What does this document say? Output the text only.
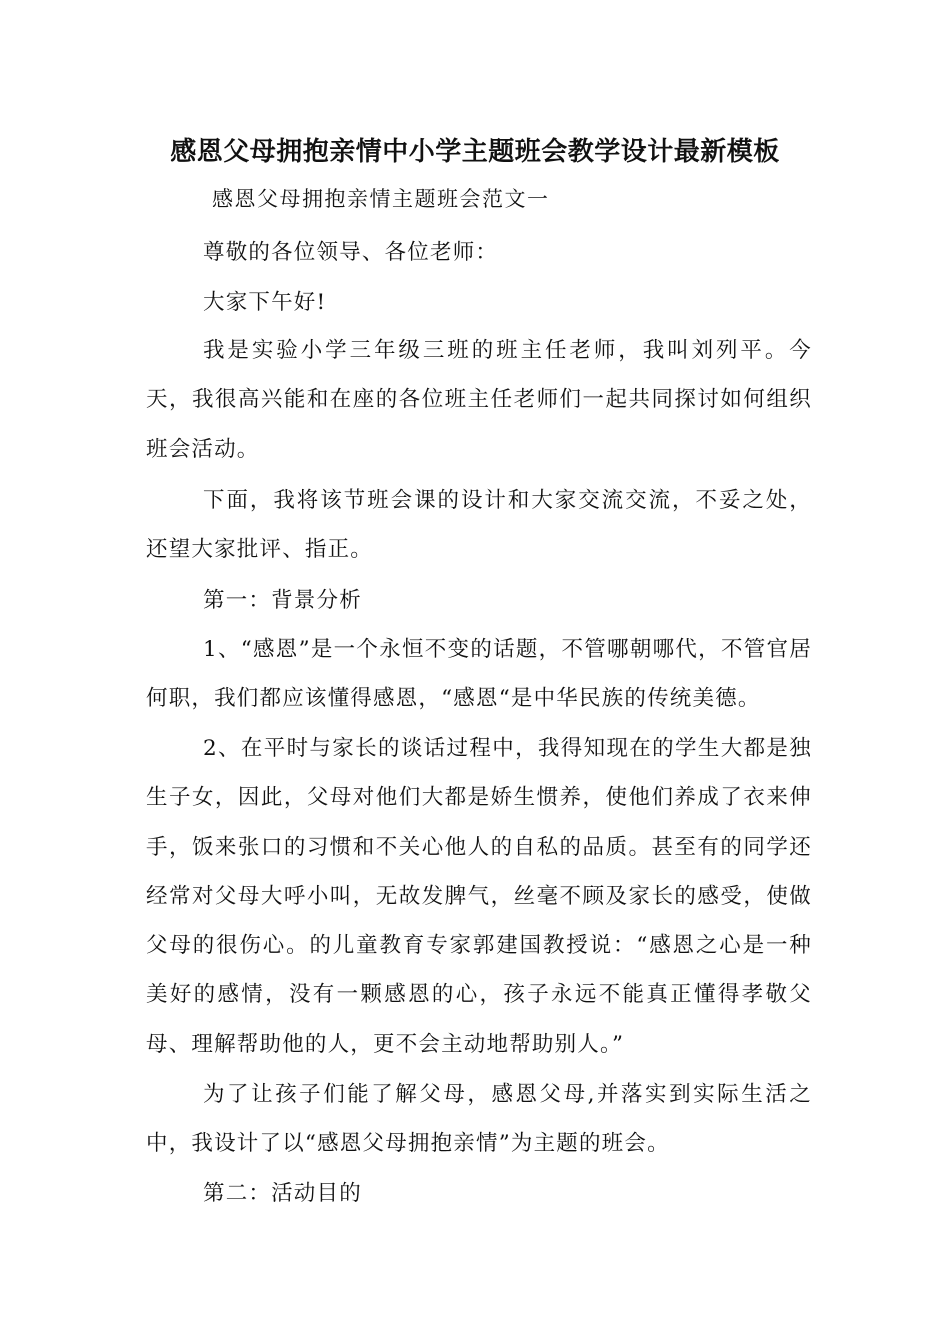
感恩父母拥抱亲情中小学主题班会教学设计最新模板
感恩父母拥抱亲情主题班会范文一

尊敬的各位领导、各位老师：

大家下午好!

我是实验小学三年级三班的班主任老师，我叫刘列平。今天，我很高兴能和在座的各位班主任老师们一起共同探讨如何组织班会活动。

下面，我将该节班会课的设计和大家交流交流，不妥之处，还望大家批评、指正。

第一：背景分析

1、“感恩”是一个永恒不变的话题，不管哪朝哪代，不管官居何职，我们都应该懂得感恩，“感恩“是中华民族的传统美德。

2、在平时与家长的谈话过程中，我得知现在的学生大都是独生子女，因此，父母对他们大都是娇生惯养，使他们养成了衣来伸手，饭来张口的习惯和不关心他人的自私的品质。甚至有的同学还经常对父母大呼小叫，无故发脾气，丝毫不顾及家长的感受，使做父母的很伤心。的儿童教育专家郭建国教授说：“感恩之心是一种美好的感情，没有一颗感恩的心，孩子永远不能真正懂得孝敬父母、理解帮助他的人，更不会主动地帮助别人。”

为了让孩子们能了解父母，感恩父母,并落实到实际生活之中，我设计了以“感恩父母拥抱亲情”为主题的班会。

第二：活动目的
